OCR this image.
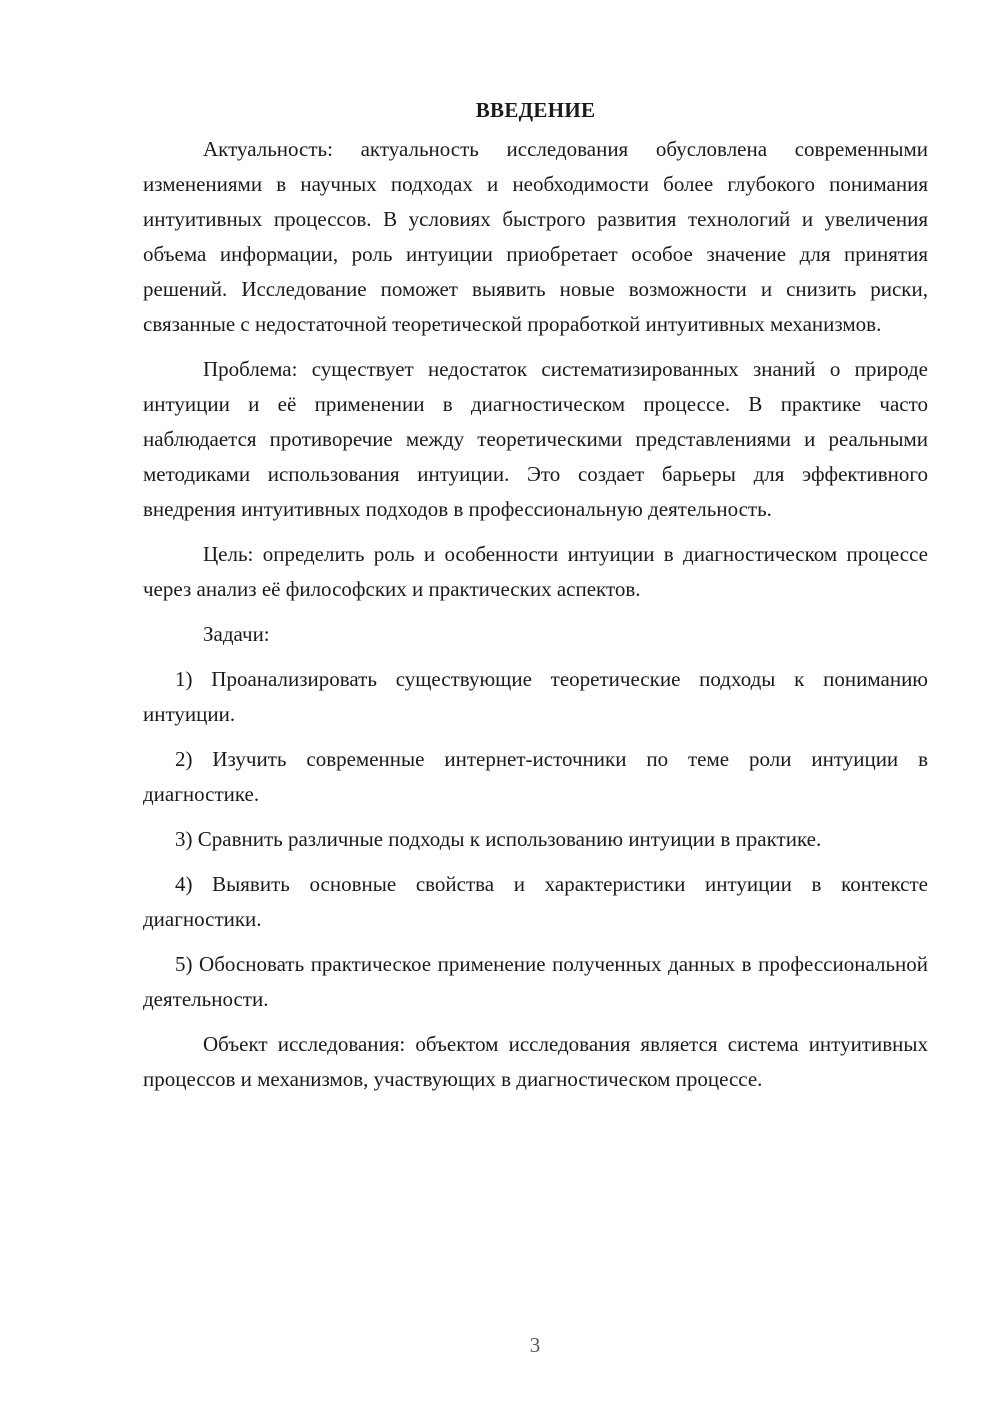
ВВЕДЕНИЕ

Актуальность: актуальность исследования обусловлена современными изменениями в научных подходах и необходимости более глубокого понимания интуитивных процессов. В условиях быстрого развития технологий и увеличения объема информации, роль интуиции приобретает особое значение для принятия решений. Исследование поможет выявить новые возможности и снизить риски, связанные с недостаточной теоретической проработкой интуитивных механизмов.

Проблема: существует недостаток систематизированных знаний о природе интуиции и её применении в диагностическом процессе. В практике часто наблюдается противоречие между теоретическими представлениями и реальными методиками использования интуиции. Это создает барьеры для эффективного внедрения интуитивных подходов в профессиональную деятельность.

Цель: определить роль и особенности интуиции в диагностическом процессе через анализ её философских и практических аспектов.

Задачи:

1) Проанализировать существующие теоретические подходы к пониманию интуиции.

2) Изучить современные интернет-источники по теме роли интуиции в диагностике.

3) Сравнить различные подходы к использованию интуиции в практике.

4) Выявить основные свойства и характеристики интуиции в контексте диагностики.

5) Обосновать практическое применение полученных данных в профессиональной деятельности.

Объект исследования: объектом исследования является система интуитивных процессов и механизмов, участвующих в диагностическом процессе.

3
